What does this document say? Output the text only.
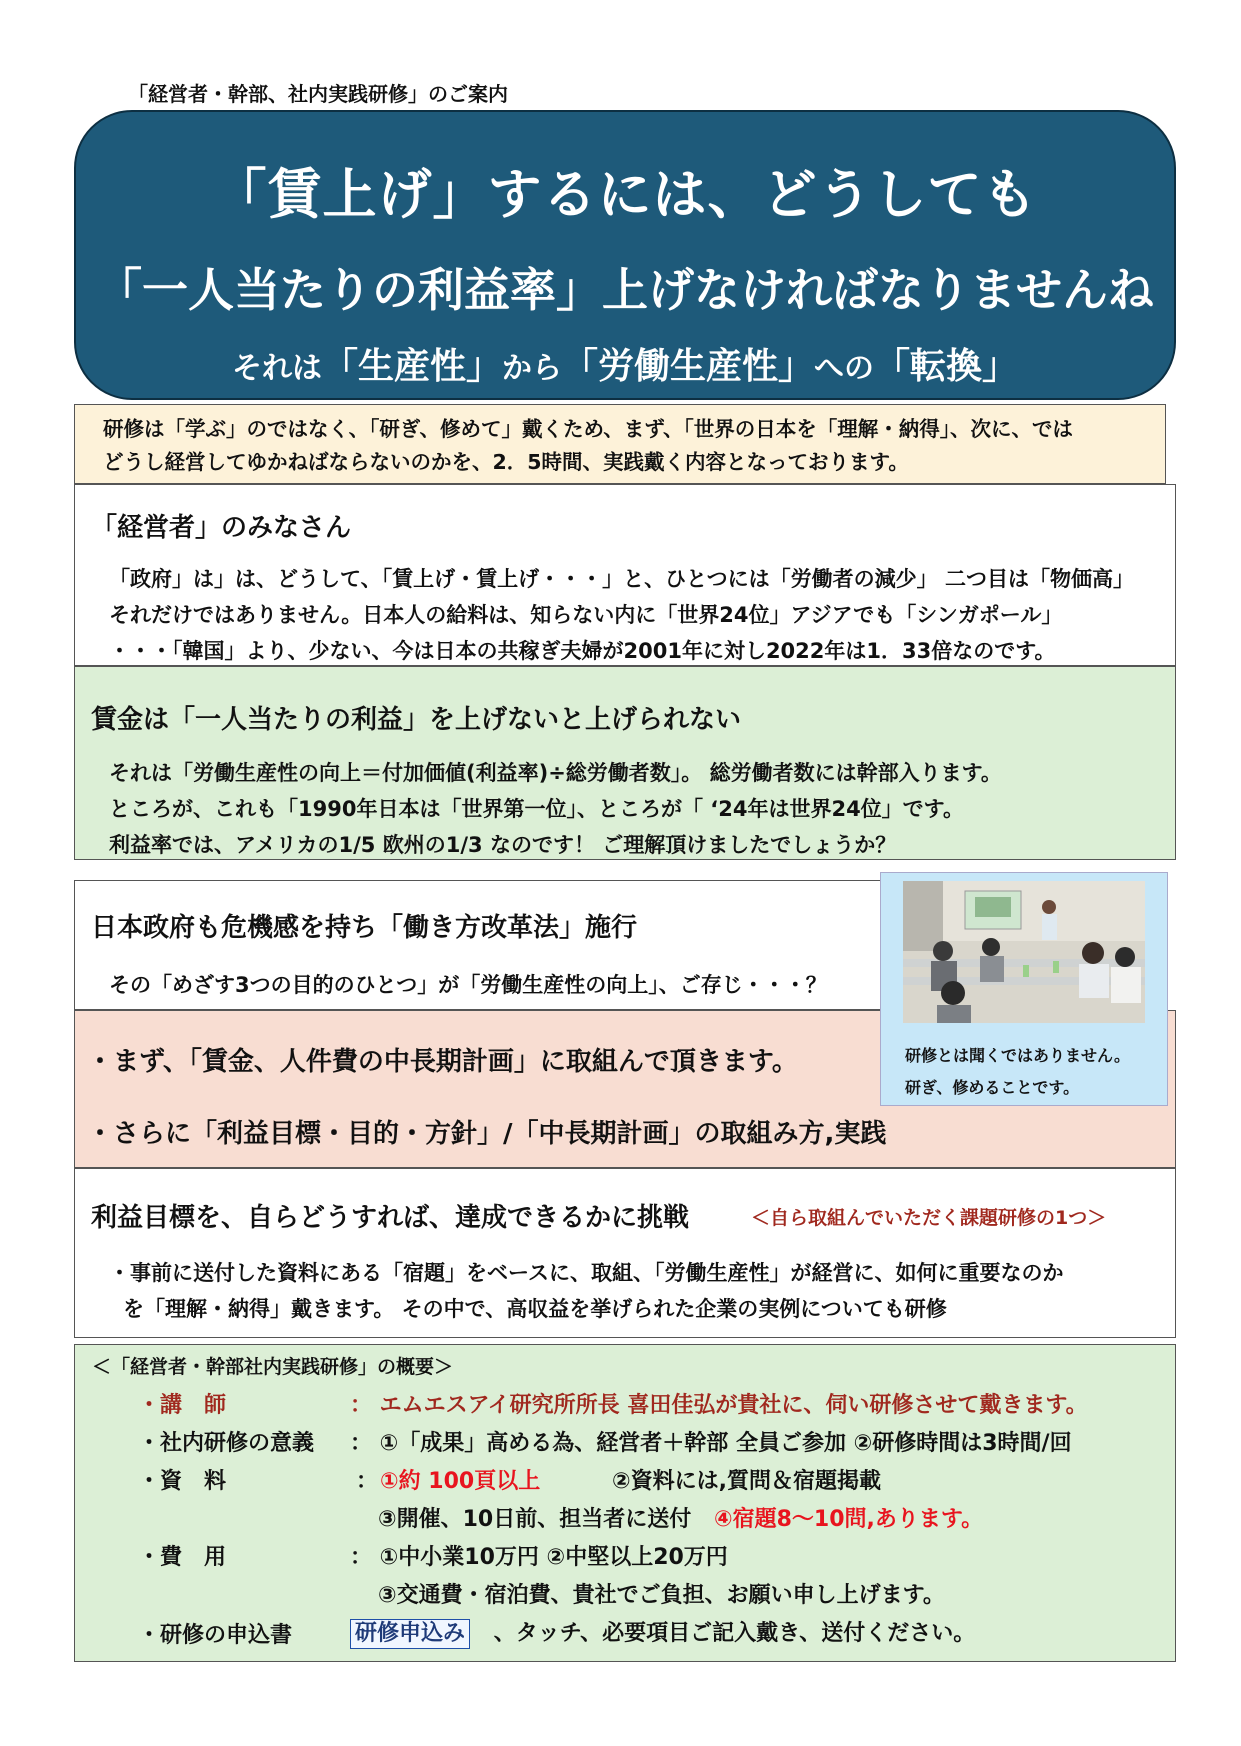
「経営者・幹部、社内実践研修」のご案内
「賃上げ」するには、どうしても
「一人当たりの利益率」上げなければなりませんね
それは「生産性」から「労働生産性」への「転換」
研修は「学ぶ」のではなく、「研ぎ、修めて」戴くため、まず、「世界の日本を「理解・納得」、次に、では
どうし経営してゆかねばならないのかを、2．5時間、実践戴く内容となっております。
「経営者」のみなさん
「政府」は」は、どうして、「賃上げ・賃上げ・・・」と、ひとつには「労働者の減少」 二つ目は「物価高」
それだけではありません。日本人の給料は、知らない内に「世界24位」アジアでも「シンガポール」
・・・「韓国」より、少ない、今は日本の共稼ぎ夫婦が2001年に対し2022年は1．33倍なのです。
賃金は「一人当たりの利益」を上げないと上げられない
それは「労働生産性の向上＝付加価値(利益率)÷総労働者数」。 総労働者数には幹部入ります。
ところが、これも「1990年日本は「世界第一位」、ところが「 ‘24年は世界24位」です。
利益率では、アメリカの1/5 欧州の1/3 なのです！ ご理解頂けましたでしょうか？
日本政府も危機感を持ち「働き方改革法」施行
その「めざす3つの目的のひとつ」が「労働生産性の向上」、ご存じ・・・？
・まず、「賃金、人件費の中長期計画」に取組んで頂きます。
・さらに「利益目標・目的・方針」/「中長期計画」の取組み方,実践
研修とは聞くではありません。
研ぎ、修めることです。
利益目標を、自らどうすれば、達成できるかに挑戦	＜自ら取組んでいただく課題研修の1つ＞
・事前に送付した資料にある「宿題」をベースに、取組、「労働生産性」が経営に、如何に重要なのか
を「理解・納得」戴きます。 その中で、高収益を挙げられた企業の実例についても研修
＜「経営者・幹部社内実践研修」の概要＞
・講　師	： エムエスアイ研究所所長 喜田佳弘が貴社に、伺い研修させて戴きます。
・社内研修の意義 ： ①「成果」高める為、経営者＋幹部 全員ご参加 ②研修時間は3時間/回
・資　料	： ①約 100頁以上	②資料には,質問＆宿題掲載
③開催、10日前、担当者に送付 ④宿題8～10問,あります。
・費　用	： ①中小業10万円 ②中堅以上20万円
③交通費・宿泊費、貴社でご負担、お願い申し上げます。
・研修の申込書	研修申込み 、タッチ、必要項目ご記入戴き、送付ください。
